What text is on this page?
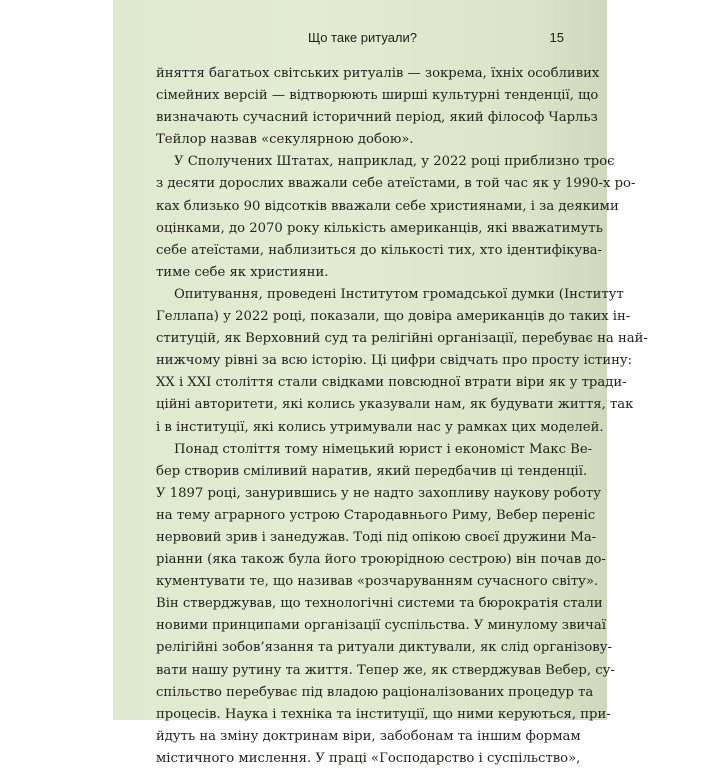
Що таке ритуали?	15
йняття багатьох світських ритуалів — зокрема, їхніх особливих
сімейних версій — відтворюють ширші культурні тенденції, що
визначають сучасний історичний період, який філософ Чарльз
Тейлор назвав «секулярною добою».
У Сполучених Штатах, наприклад, у 2022 році приблизно троє
з десяти дорослих вважали себе атеїстами, в той час як у 1990-х ро-
ках близько 90 відсотків вважали себе християнами, і за деякими
оцінками, до 2070 року кількість американців, які вважатимуть
себе атеїстами, наблизиться до кількості тих, хто ідентифікува-
тиме себе як християни.
Опитування, проведені Інститутом громадської думки (Інститут
Геллапа) у 2022 році, показали, що довіра американців до таких ін-
ституцій, як Верховний суд та релігійні організації, перебуває на най-
нижчому рівні за всю історію. Ці цифри свідчать про просту істину:
XX і XXI століття стали свідками повсюдної втрати віри як у тради-
ційні авторитети, які колись указували нам, як будувати життя, так
і в інституції, які колись утримували нас у рамках цих моделей.
Понад століття тому німецький юрист і економіст Макс Ве-
бер створив сміливий наратив, який передбачив ці тенденції.
У 1897 році, занурившись у не надто захопливу наукову роботу
на тему аграрного устрою Стародавнього Риму, Вебер переніс
нервовий зрив і занедужав. Тоді під опікою своєї дружини Ма-
ріанни (яка також була його троюрідною сестрою) він почав до-
кументувати те, що називав «розчаруванням сучасного світу».
Він стверджував, що технологічні системи та бюрократія стали
новими принципами організації суспільства. У минулому звичаї
релігійні зобов’язання та ритуали диктували, як слід організову-
вати нашу рутину та життя. Тепер же, як стверджував Вебер, су-
спільство перебуває під владою раціоналізованих процедур та
процесів. Наука і техніка та інституції, що ними керуються, при-
йдуть на зміну доктринам віри, забобонам та іншим формам
містичного мислення. У праці «Господарство і суспільство»,
